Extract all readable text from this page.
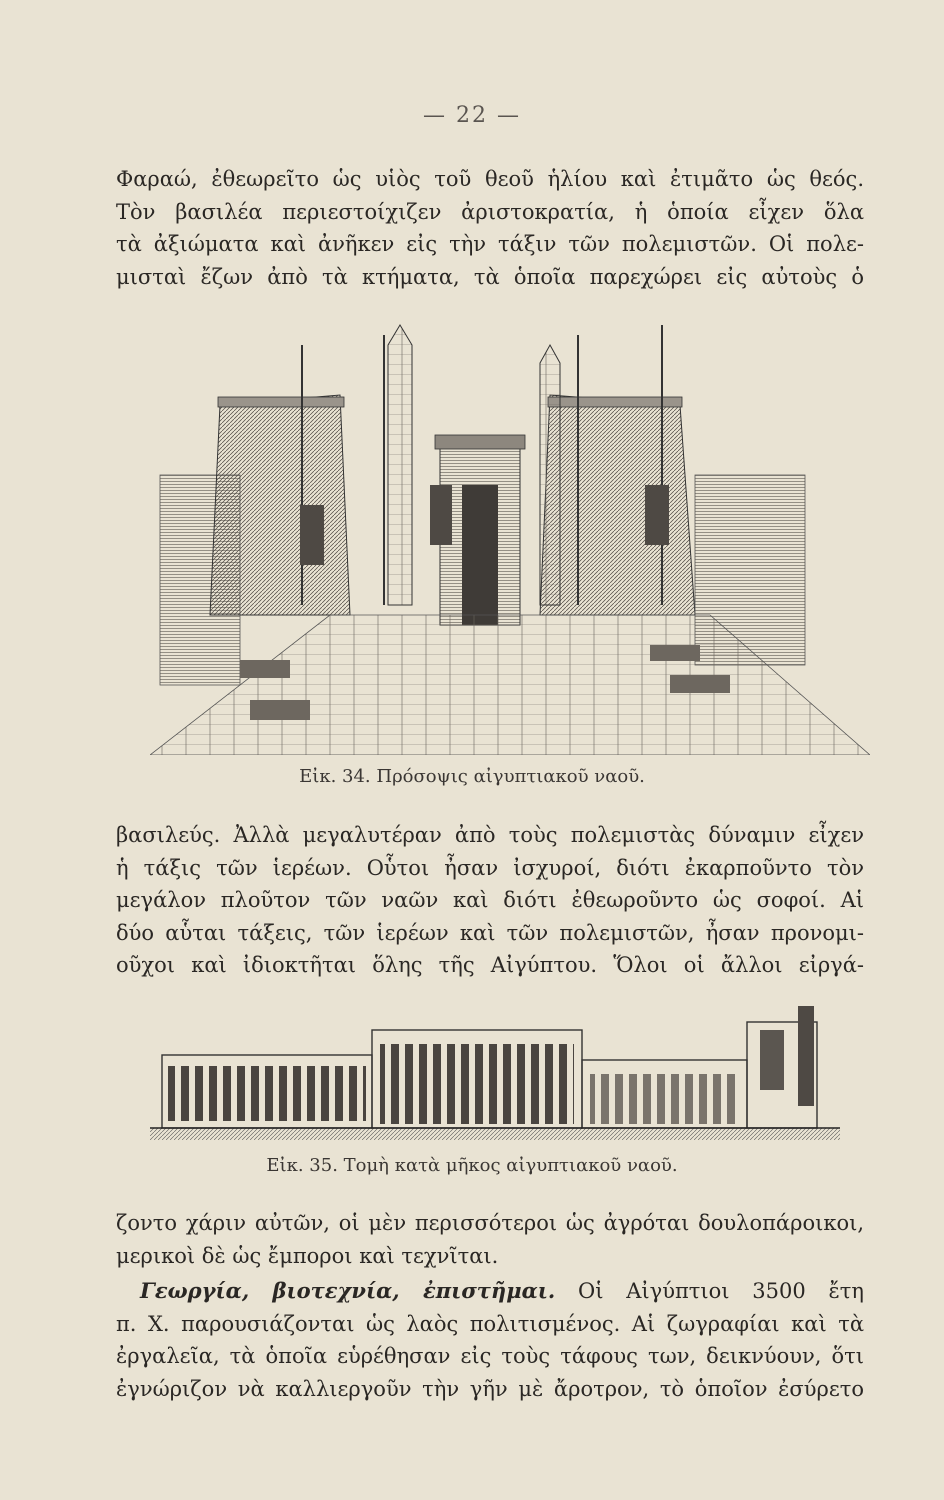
— 22 —
Φαραώ, ἐθεωρεῖτο ὡς υἱὸς τοῦ θεοῦ ἡλίου καὶ ἐτιμᾶτο ὡς θεός.
Τὸν βασιλέα περιεστοίχιζεν ἀριστοκρατία, ἡ ὁποία εἶχεν ὅλα
τὰ ἀξιώματα καὶ ἀνῆκεν εἰς τὴν τάξιν τῶν πολεμιστῶν. Οἱ πολε-
μισταὶ ἔζων ἀπὸ τὰ κτήματα, τὰ ὁποῖα παρεχώρει εἰς αὐτοὺς ὁ
Εἰκ. 34. Πρόσοψις αἰγυπτιακοῦ ναοῦ.
βασιλεύς. Ἀλλὰ μεγαλυτέραν ἀπὸ τοὺς πολεμιστὰς δύναμιν εἶχεν
ἡ τάξις τῶν ἱερέων. Οὗτοι ἦσαν ἰσχυροί, διότι ἐκαρποῦντο τὸν
μεγάλον πλοῦτον τῶν ναῶν καὶ διότι ἐθεωροῦντο ὡς σοφοί. Αἱ
δύο αὗται τάξεις, τῶν ἱερέων καὶ τῶν πολεμιστῶν, ἦσαν προνομι-
οῦχοι καὶ ἰδιοκτῆται ὅλης τῆς Αἰγύπτου. Ὅλοι οἱ ἄλλοι εἰργά-
Εἰκ. 35. Τομὴ κατὰ μῆκος αἰγυπτιακοῦ ναοῦ.
ζοντο χάριν αὐτῶν, οἱ μὲν περισσότεροι ὡς ἀγρόται δουλοπάροικοι,
μερικοὶ δὲ ὡς ἔμποροι καὶ τεχνῖται.
Γεωργία, βιοτεχνία, ἐπιστῆμαι. Οἱ Αἰγύπτιοι 3500 ἔτη
π. Χ. παρουσιάζονται ὡς λαὸς πολιτισμένος. Αἱ ζωγραφίαι καὶ τὰ
ἐργαλεῖα, τὰ ὁποῖα εὑρέθησαν εἰς τοὺς τάφους των, δεικνύουν, ὅτι
ἐγνώριζον νὰ καλλιεργοῦν τὴν γῆν μὲ ἄροτρον, τὸ ὁποῖον ἐσύρετο
